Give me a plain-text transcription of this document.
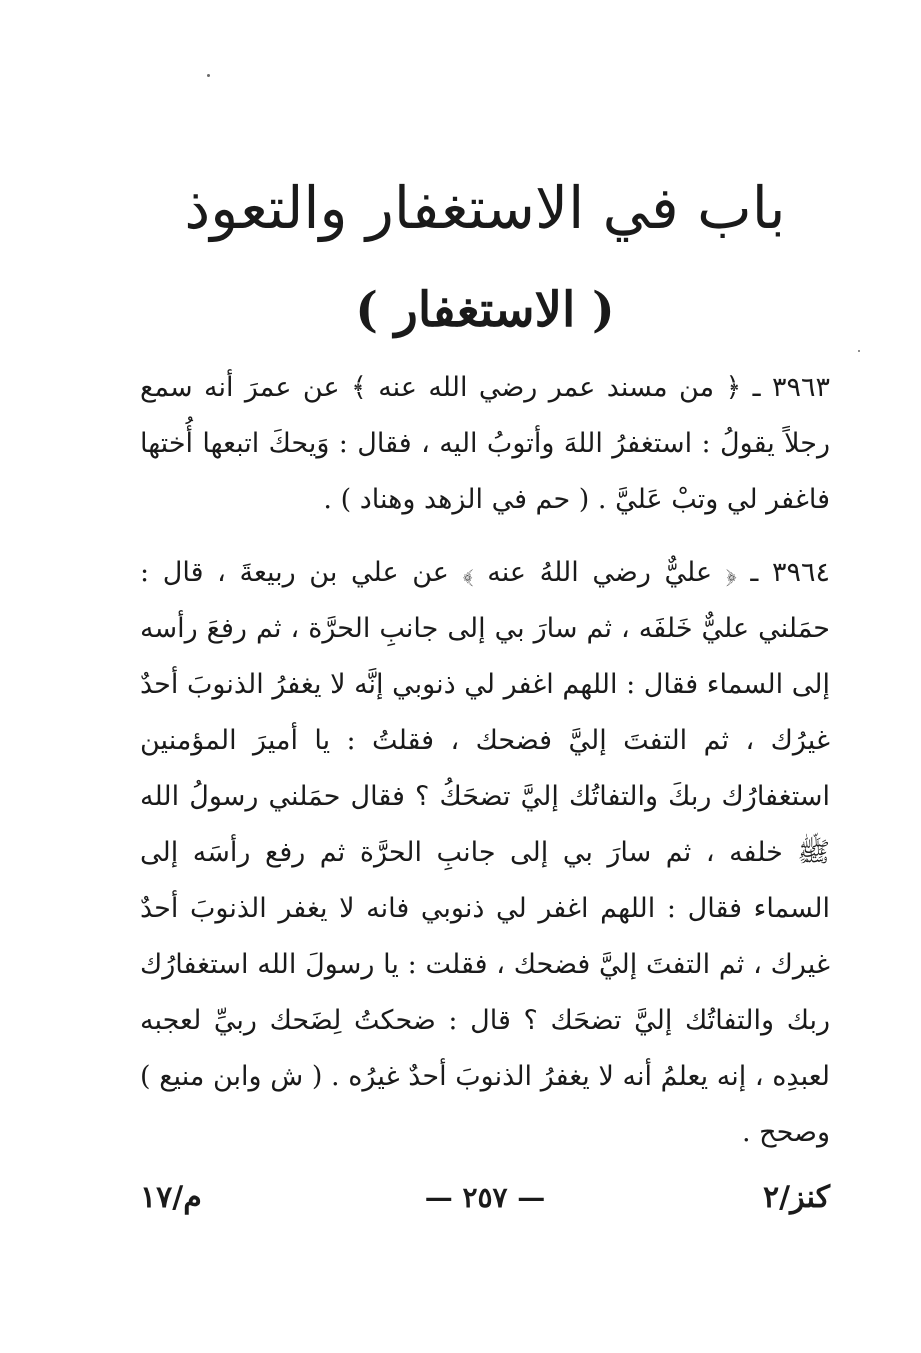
باب في الاستغفار والتعوذ
( الاستغفار )

٣٩٦٣ ـ ﴿ من مسند عمر رضي الله عنه ﴾ عن عمرَ أنه سمع رجلاً يقولُ : استغفرُ اللهَ وأتوبُ اليه ، فقال : وَيحكَ اتبعها أُختها فاغفر لي وتبْ عَليَّ . ( حم في الزهد وهناد ) .

٣٩٦٤ ـ ﴿ عليٌّ رضي اللهُ عنه ﴾ عن علي بن ربيعةَ ، قال : حمَلني عليٌّ خَلفَه ، ثم سارَ بي إلى جانبِ الحرَّة ، ثم رفعَ رأسه إلى السماء فقال : اللهم اغفر لي ذنوبي إنَّه لا يغفرُ الذنوبَ أحدٌ غيرُك ، ثم التفتَ إليَّ فضحك ، فقلتُ : يا أميرَ المؤمنين استغفارُك ربكَ والتفاتُك إليَّ تضحَكُ ؟ فقال حمَلني رسولُ الله ﷺ خلفه ، ثم سارَ بي إلى جانبِ الحرَّة ثم رفع رأسَه إلى السماء فقال : اللهم اغفر لي ذنوبي فانه لا يغفر الذنوبَ أحدٌ غيرك ، ثم التفتَ إليَّ فضحك ، فقلت : يا رسولَ الله استغفارُك ربك والتفاتُك إليَّ تضحَك ؟ قال : ضحكتُ لِضَحك ربيِّ لعجبه لعبدِه ، إنه يعلمُ أنه لا يغفرُ الذنوبَ أحدٌ غيرُه . ( ش وابن منيع ) وصحح .

م/١٧	— ٢٥٧ —	كنز/٢
